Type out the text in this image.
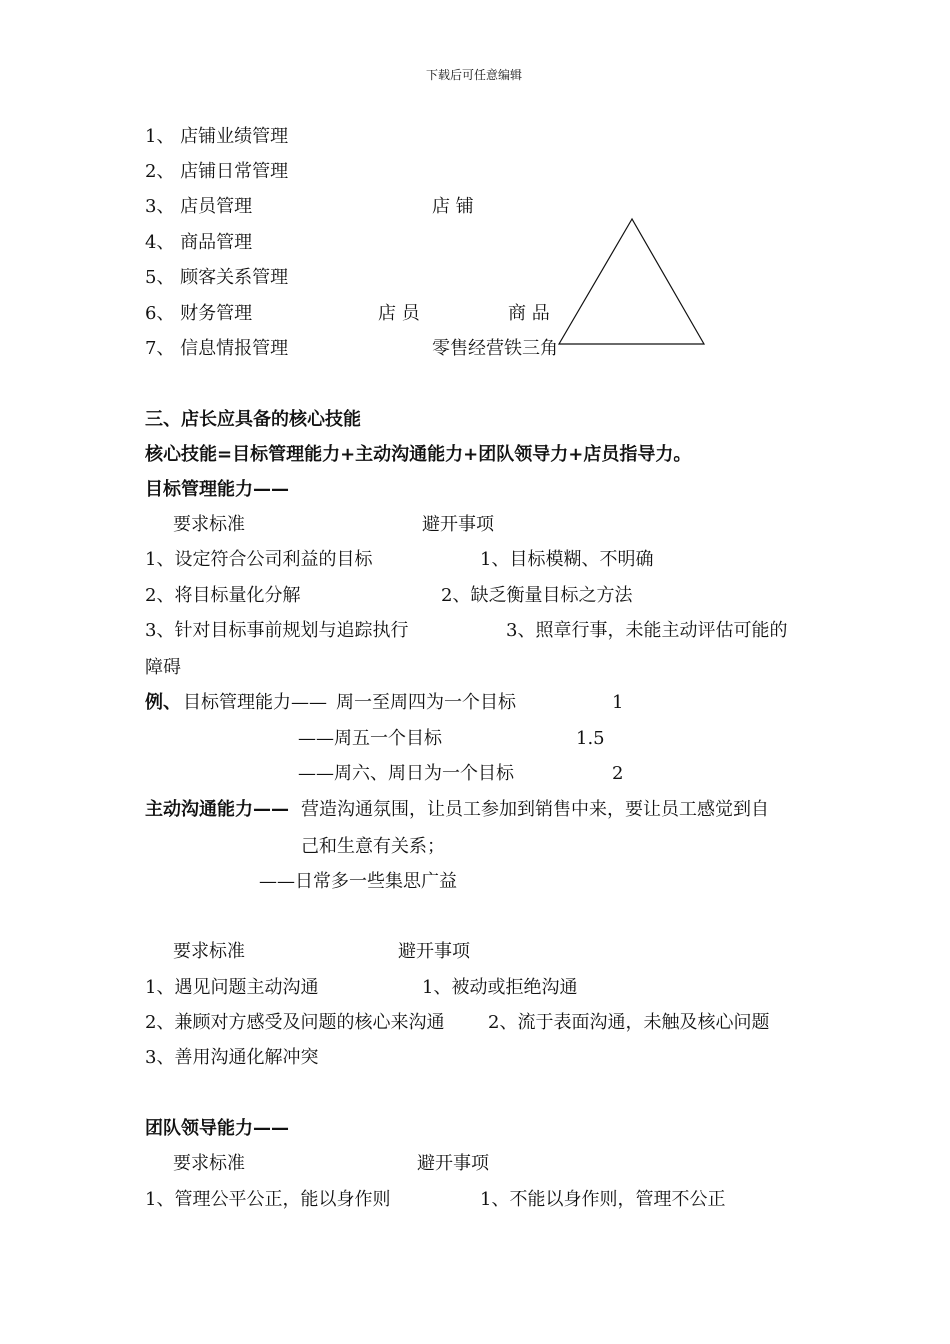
下载后可任意编辑
1、 店铺业绩管理
2、 店铺日常管理
3、 店员管理
4、 商品管理
5、 顾客关系管理
6、 财务管理
7、 信息情报管理
店 铺
店 员	商 品
零售经营铁三角
三、店长应具备的核心技能
核心技能=目标管理能力+主动沟通能力+团队领导力+店员指导力。
目标管理能力——
要求标准	避开事项
1、设定符合公司利益的目标	1、目标模糊、不明确
2、将目标量化分解	2、缺乏衡量目标之方法
3、针对目标事前规划与追踪执行	3、照章行事，未能主动评估可能的
障碍
例、 目标管理能力—— 周一至周四为一个目标	1
——周五一个目标	1.5
——周六、周日为一个目标	2
主动沟通能力—— 营造沟通氛围，让员工参加到销售中来，要让员工感觉到自
己和生意有关系；
——日常多一些集思广益
要求标准	避开事项
1、遇见问题主动沟通	1、被动或拒绝沟通
2、兼顾对方感受及问题的核心来沟通 2、流于表面沟通，未触及核心问题
3、善用沟通化解冲突
团队领导能力——
要求标准	避开事项
1、管理公平公正，能以身作则	1、不能以身作则，管理不公正
